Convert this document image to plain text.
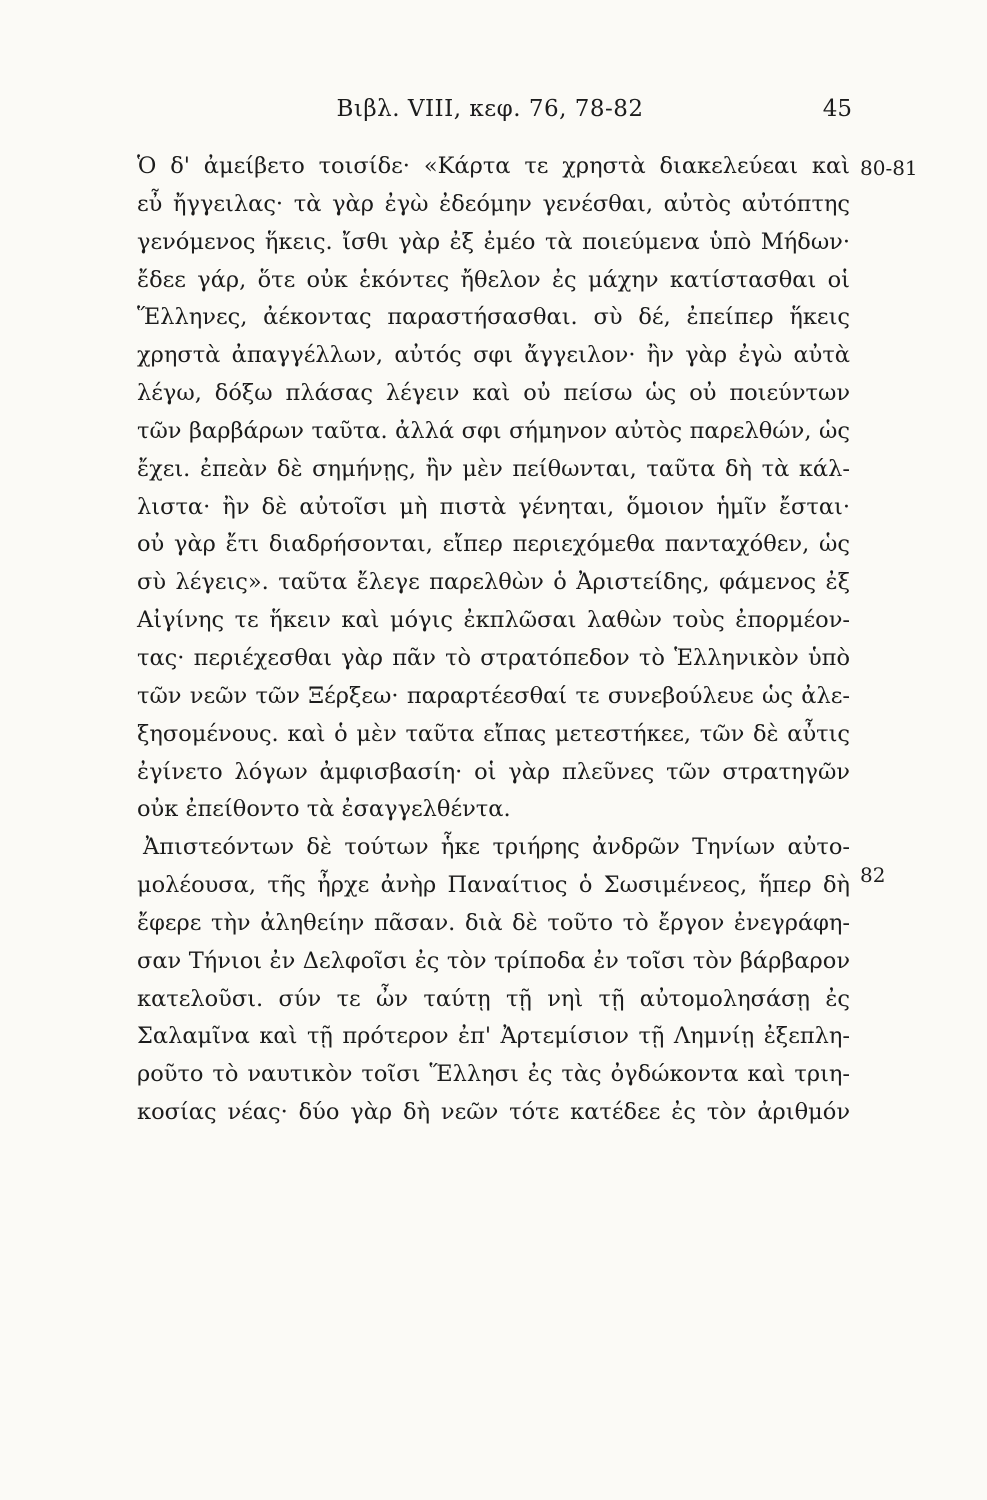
Βιβλ. VIII, κεφ. 76, 78-82	45
80-81
82
Ὁ δ' ἀμείβετο τοισίδε· «Κάρτα τε χρηστὰ διακελεύεαι καὶ
εὖ ἤγγειλας· τὰ γὰρ ἐγὼ ἐδεόμην γενέσθαι, αὐτὸς αὐτόπτης
γενόμενος ἥκεις. ἴσθι γὰρ ἐξ ἐμέο τὰ ποιεύμενα ὑπὸ Μήδων·
ἔδεε γάρ, ὅτε οὐκ ἑκόντες ἤθελον ἐς μάχην κατίστασθαι οἱ
Ἕλληνες, ἀέκοντας παραστήσασθαι. σὺ δέ, ἐπείπερ ἥκεις
χρηστὰ ἀπαγγέλλων, αὐτός σφι ἄγγειλον· ἢν γὰρ ἐγὼ αὐτὰ
λέγω, δόξω πλάσας λέγειν καὶ οὐ πείσω ὡς οὐ ποιεύντων
τῶν βαρβάρων ταῦτα. ἀλλά σφι σήμηνον αὐτὸς παρελθών, ὡς
ἔχει. ἐπεὰν δὲ σημήνῃς, ἢν μὲν πείθωνται, ταῦτα δὴ τὰ κάλ-
λιστα· ἢν δὲ αὐτοῖσι μὴ πιστὰ γένηται, ὅμοιον ἡμῖν ἔσται·
οὐ γὰρ ἔτι διαδρήσονται, εἴπερ περιεχόμεθα πανταχόθεν, ὡς
σὺ λέγεις». ταῦτα ἔλεγε παρελθὼν ὁ Ἀριστείδης, φάμενος ἐξ
Αἰγίνης τε ἥκειν καὶ μόγις ἐκπλῶσαι λαθὼν τοὺς ἐπορμέον-
τας· περιέχεσθαι γὰρ πᾶν τὸ στρατόπεδον τὸ Ἑλληνικὸν ὑπὸ
τῶν νεῶν τῶν Ξέρξεω· παραρτέεσθαί τε συνεβούλευε ὡς ἀλε-
ξησομένους. καὶ ὁ μὲν ταῦτα εἴπας μετεστήκεε, τῶν δὲ αὖτις
ἐγίνετο λόγων ἀμφισβασίη· οἱ γὰρ πλεῦνες τῶν στρατηγῶν
οὐκ ἐπείθοντο τὰ ἐσαγγελθέντα.
Ἀπιστεόντων δὲ τούτων ἧκε τριήρης ἀνδρῶν Τηνίων αὐτο-
μολέουσα, τῆς ἦρχε ἀνὴρ Παναίτιος ὁ Σωσιμένεος, ἥπερ δὴ
ἔφερε τὴν ἀληθείην πᾶσαν. διὰ δὲ τοῦτο τὸ ἔργον ἐνεγράφη-
σαν Τήνιοι ἐν Δελφοῖσι ἐς τὸν τρίποδα ἐν τοῖσι τὸν βάρβαρον
κατελοῦσι. σύν τε ὦν ταύτῃ τῇ νηὶ τῇ αὐτομολησάσῃ ἐς
Σαλαμῖνα καὶ τῇ πρότερον ἐπ' Ἀρτεμίσιον τῇ Λημνίῃ ἐξεπλη-
ροῦτο τὸ ναυτικὸν τοῖσι Ἕλλησι ἐς τὰς ὀγδώκοντα καὶ τριη-
κοσίας νέας· δύο γὰρ δὴ νεῶν τότε κατέδεε ἐς τὸν ἀριθμόν
